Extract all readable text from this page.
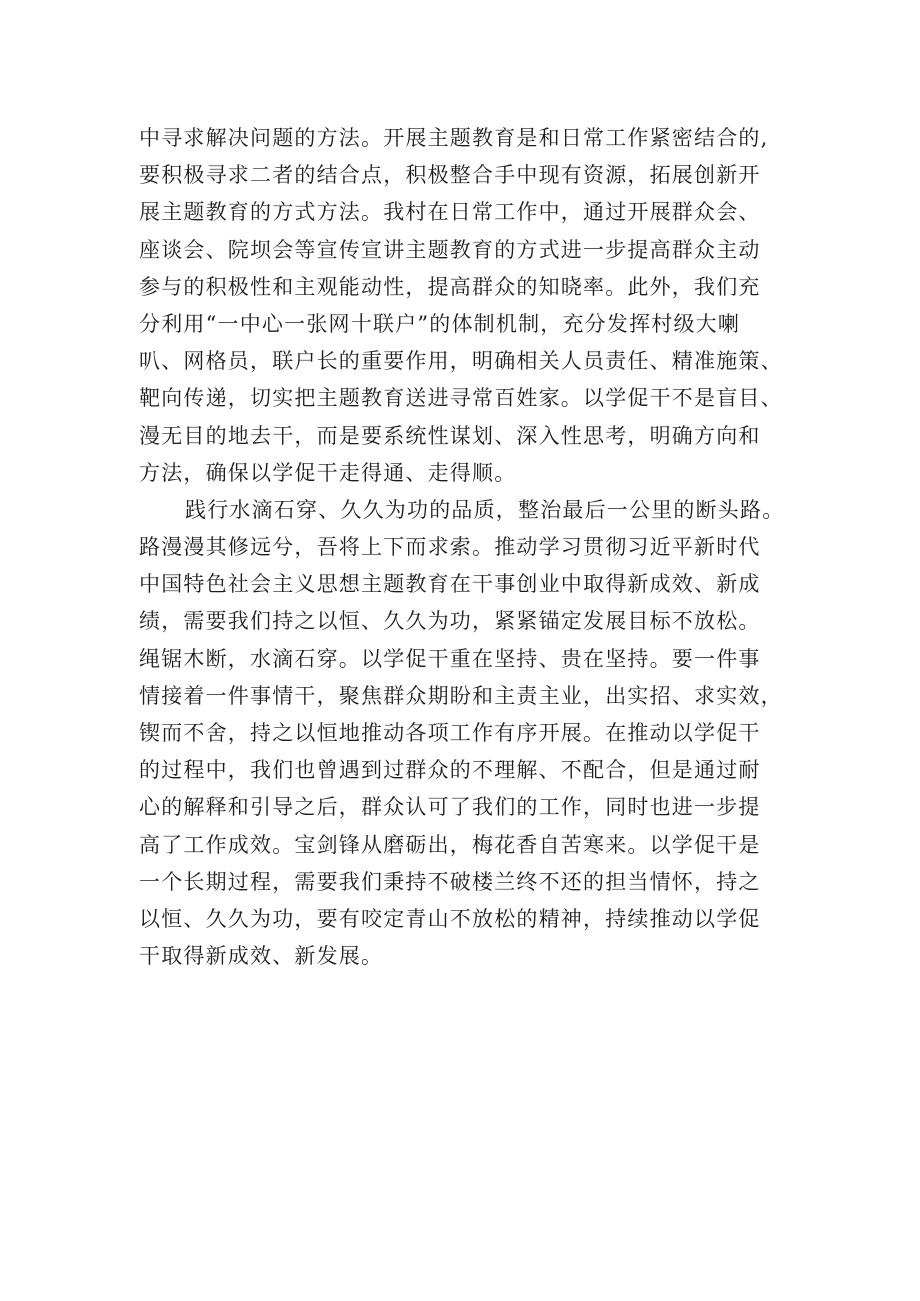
中寻求解决问题的方法。开展主题教育是和日常工作紧密结合的,
要积极寻求二者的结合点，积极整合手中现有资源，拓展创新开
展主题教育的方式方法。我村在日常工作中，通过开展群众会、
座谈会、院坝会等宣传宣讲主题教育的方式进一步提高群众主动
参与的积极性和主观能动性，提高群众的知晓率。此外，我们充
分利用“一中心一张网十联户”的体制机制，充分发挥村级大喇
叭、网格员，联户长的重要作用，明确相关人员责任、精准施策、
靶向传递，切实把主题教育送进寻常百姓家。以学促干不是盲目、
漫无目的地去干，而是要系统性谋划、深入性思考，明确方向和
方法，确保以学促干走得通、走得顺。
践行水滴石穿、久久为功的品质，整治最后一公里的断头路。
路漫漫其修远兮，吾将上下而求索。推动学习贯彻习近平新时代
中国特色社会主义思想主题教育在干事创业中取得新成效、新成
绩，需要我们持之以恒、久久为功，紧紧锚定发展目标不放松。
绳锯木断，水滴石穿。以学促干重在坚持、贵在坚持。要一件事
情接着一件事情干，聚焦群众期盼和主责主业，出实招、求实效，
锲而不舍，持之以恒地推动各项工作有序开展。在推动以学促干
的过程中，我们也曾遇到过群众的不理解、不配合，但是通过耐
心的解释和引导之后，群众认可了我们的工作，同时也进一步提
高了工作成效。宝剑锋从磨砺出，梅花香自苦寒来。以学促干是
一个长期过程，需要我们秉持不破楼兰终不还的担当情怀，持之
以恒、久久为功，要有咬定青山不放松的精神，持续推动以学促
干取得新成效、新发展。
